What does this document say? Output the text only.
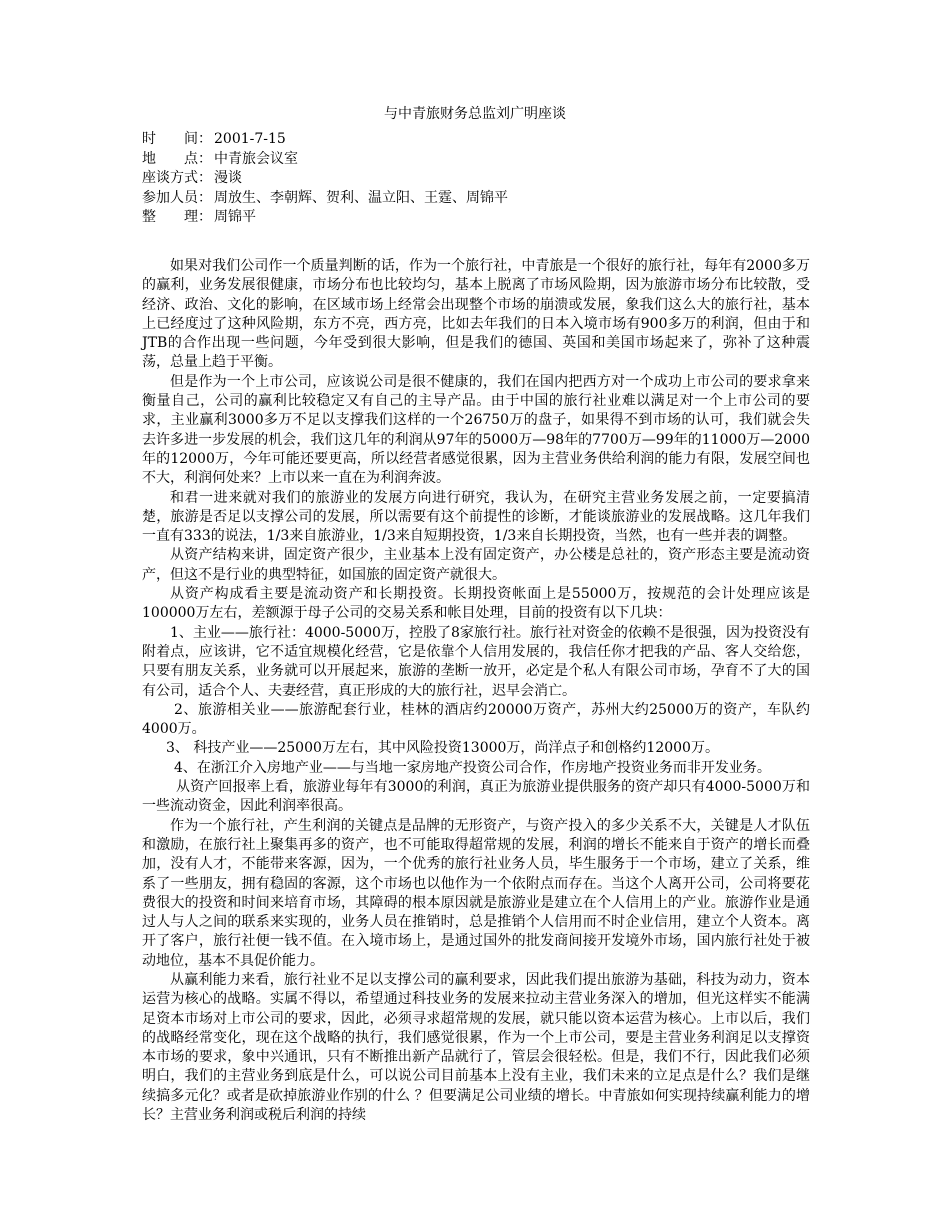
与中青旅财务总监刘广明座谈
时　　间： 2001-7-15
地　　点： 中青旅会议室
座谈方式： 漫谈
参加人员： 周放生、李朝辉、贺利、温立阳、王霆、周锦平
整　　理： 周锦平

如果对我们公司作一个质量判断的话，作为一个旅行社，中青旅是一个很好的旅行社，每年有2000多万的赢利，业务发展很健康，市场分布也比较均匀，基本上脱离了市场风险期，因为旅游市场分布比较散，受经济、政治、文化的影响，在区域市场上经常会出现整个市场的崩溃或发展，象我们这么大的旅行社，基本上已经度过了这种风险期，东方不亮，西方亮，比如去年我们的日本入境市场有900多万的利润，但由于和JTB的合作出现一些问题，今年受到很大影响，但是我们的德国、英国和美国市场起来了，弥补了这种震荡，总量上趋于平衡。

但是作为一个上市公司，应该说公司是很不健康的，我们在国内把西方对一个成功上市公司的要求拿来衡量自己，公司的赢利比较稳定又有自己的主导产品。由于中国的旅行社业难以满足对一个上市公司的要求，主业赢利3000多万不足以支撑我们这样的一个26750万的盘子，如果得不到市场的认可，我们就会失去许多进一步发展的机会，我们这几年的利润从97年的5000万—98年的7700万—99年的11000万—2000年的12000万，今年可能还要更高，所以经营者感觉很累，因为主营业务供给利润的能力有限，发展空间也不大，利润何处来？上市以来一直在为利润奔波。

和君一进来就对我们的旅游业的发展方向进行研究，我认为，在研究主营业务发展之前，一定要搞清楚，旅游是否足以支撑公司的发展，所以需要有这个前提性的诊断，才能谈旅游业的发展战略。这几年我们一直有333的说法，1/3来自旅游业，1/3来自短期投资，1/3来自长期投资，当然，也有一些并表的调整。

从资产结构来讲，固定资产很少，主业基本上没有固定资产，办公楼是总社的，资产形态主要是流动资产，但这不是行业的典型特征，如国旅的固定资产就很大。

从资产构成看主要是流动资产和长期投资。长期投资帐面上是55000万，按规范的会计处理应该是100000万左右，差额源于母子公司的交易关系和帐目处理，目前的投资有以下几块：

1、主业——旅行社：4000-5000万，控股了8家旅行社。旅行社对资金的依赖不是很强，因为投资没有附着点，应该讲，它不适宜规模化经营，它是依靠个人信用发展的，我信任你才把我的产品、客人交给您，只要有朋友关系，业务就可以开展起来，旅游的垄断一放开，必定是个私人有限公司市场，孕育不了大的国有公司，适合个人、夫妻经营，真正形成的大的旅行社，迟早会消亡。

2、旅游相关业——旅游配套行业，桂林的酒店约20000万资产，苏州大约25000万的资产，车队约4000万。

3、 科技产业——25000万左右，其中风险投资13000万，尚洋点子和创格约12000万。

4、在浙江介入房地产业——与当地一家房地产投资公司合作，作房地产投资业务而非开发业务。

从资产回报率上看，旅游业每年有3000的利润，真正为旅游业提供服务的资产却只有4000-5000万和一些流动资金，因此利润率很高。

作为一个旅行社，产生利润的关键点是品牌的无形资产，与资产投入的多少关系不大，关键是人才队伍和激励，在旅行社上聚集再多的资产，也不可能取得超常规的发展，利润的增长不能来自于资产的增长而叠加，没有人才，不能带来客源，因为，一个优秀的旅行社业务人员，毕生服务于一个市场，建立了关系，维系了一些朋友，拥有稳固的客源，这个市场也以他作为一个依附点而存在。当这个人离开公司，公司将要花费很大的投资和时间来培育市场，其障碍的根本原因就是旅游业是建立在个人信用上的产业。旅游作业是通过人与人之间的联系来实现的，业务人员在推销时，总是推销个人信用而不时企业信用，建立个人资本。离开了客户，旅行社便一钱不值。在入境市场上，是通过国外的批发商间接开发境外市场，国内旅行社处于被动地位，基本不具促价能力。

从赢利能力来看，旅行社业不足以支撑公司的赢利要求，因此我们提出旅游为基础，科技为动力，资本运营为核心的战略。实属不得以，希望通过科技业务的发展来拉动主营业务深入的增加，但光这样实不能满足资本市场对上市公司的要求，因此，必须寻求超常规的发展，就只能以资本运营为核心。上市以后，我们的战略经常变化，现在这个战略的执行，我们感觉很累，作为一个上市公司，要是主营业务利润足以支撑资本市场的要求，象中兴通讯，只有不断推出新产品就行了，管层会很轻松。但是，我们不行，因此我们必须明白，我们的主营业务到底是什么，可以说公司目前基本上没有主业，我们未来的立足点是什么？我们是继续搞多元化？或者是砍掉旅游业作别的什么 ？但要满足公司业绩的增长。中青旅如何实现持续赢利能力的增长？主营业务利润或税后利润的持续
